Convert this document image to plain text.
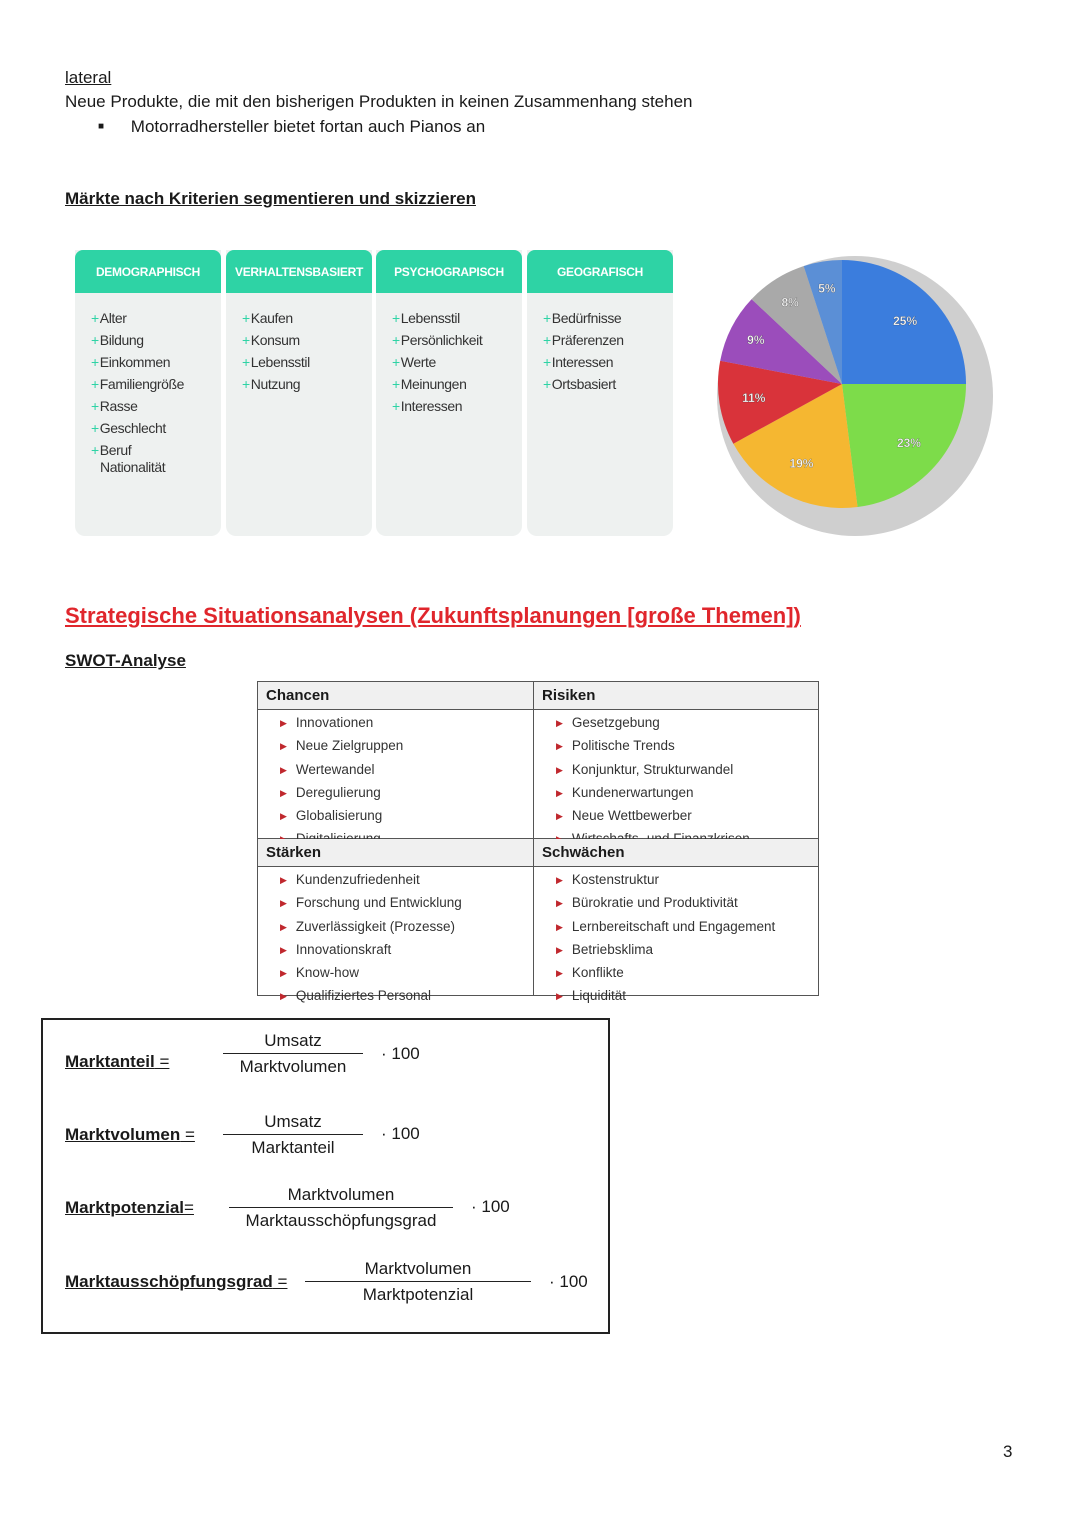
lateral
Neue Produkte, die mit den bisherigen Produkten in keinen Zusammenhang stehen
■ Motorradhersteller bietet fortan auch Pianos an
Märkte nach Kriterien segmentieren und skizzieren
DEMOGRAPHISCH
+ Alter
+ Bildung
+ Einkommen
+ Familiengröße
+ Rasse
+ Geschlecht
+ Beruf
Nationalität
VERHALTENSBASIERT
+ Kaufen
+ Konsum
+ Lebensstil
+ Nutzung
PSYCHOGRAPISCH
+ Lebensstil
+ Persönlichkeit
+ Werte
+ Meinungen
+ Interessen
GEOGRAFISCH
+ Bedürfnisse
+ Präferenzen
+ Interessen
+ Ortsbasiert
25%
23%
19%
11%
9%
8%
5%
Strategische Situationsanalysen (Zukunftsplanungen [große Themen])
SWOT-Analyse
Chancen
▶ Innovationen
▶ Neue Zielgruppen
▶ Wertewandel
▶ Deregulierung
▶ Globalisierung
▶
Risiken
▶ Gesetzgebung
▶ Politische Trends
▶ Konjunktur, Strukturwandel
▶ Kundenerwartungen
▶ Neue Wettbewerber
▶
Stärken
▶ Kundenzufriedenheit
▶ Forschung und Entwicklung
▶ Zuverlässigkeit (Prozesse)
▶ Innovationskraft
▶ Know-how
▶ Qualifiziertes Personal
Schwächen
▶ Kostenstruktur
▶ Bürokratie und Produktivität
▶ Lernbereitschaft und Engagement
▶ Betriebsklima
▶ Konflikte
▶ Liquidität
Marktanteil =
Umsatz
Marktvolumen
· 100
Marktvolumen =
Umsatz
Marktanteil
· 100
Marktpotenzial=
Marktvolumen
Marktausschöpfungsgrad
· 100
Marktausschöpfungsgrad =
Marktvolumen
Marktpotenzial
· 100
3
